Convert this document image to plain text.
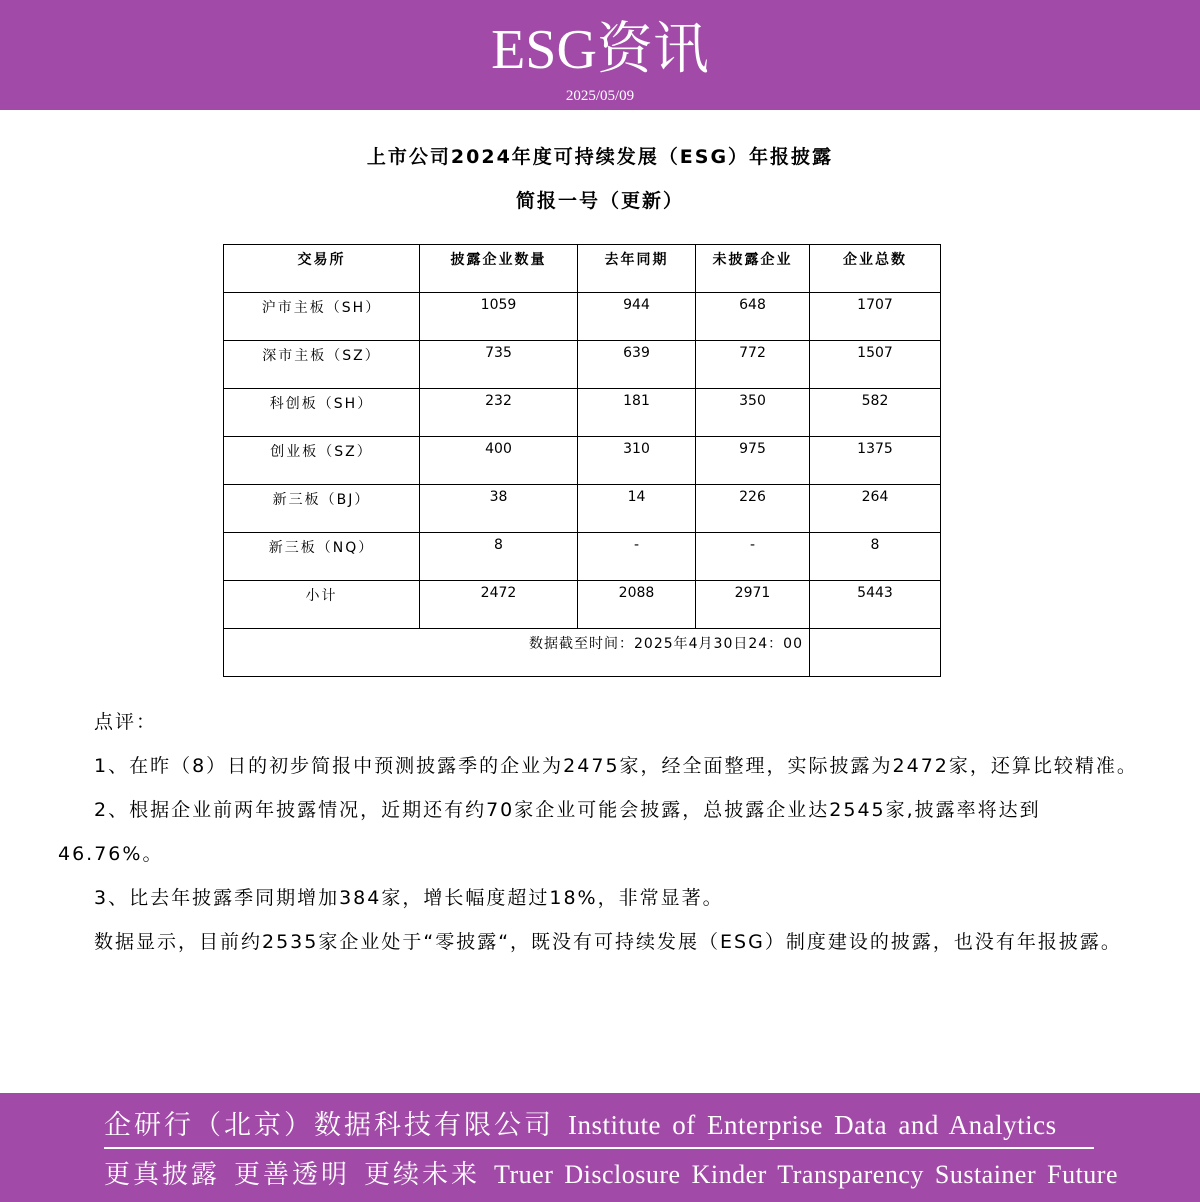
ESG资讯
2025/05/09
上市公司2024年度可持续发展（ESG）年报披露
简报一号（更新）
交易所	披露企业数量	去年同期	未披露企业	企业总数
沪市主板（SH）	1059	944	648	1707
深市主板（SZ）	735	639	772	1507
科创板（SH）	232	181	350	582
创业板（SZ）	400	310	975	1375
新三板（BJ）	38	14	226	264
新三板（NQ）	8	-	-	8
小计	2472	2088	2971	5443
数据截至时间：2025年4月30日24：00				

点评：

1、在昨（8）日的初步简报中预测披露季的企业为2475家，经全面整理，实际披露为2472家，还算比较精准。

2、根据企业前两年披露情况，近期还有约70家企业可能会披露，总披露企业达2545家,披露率将达到46.76%。

3、比去年披露季同期增加384家，增长幅度超过18%，非常显著。

数据显示，目前约2535家企业处于“零披露“，既没有可持续发展（ESG）制度建设的披露，也没有年报披露。

企研行（北京）数据科技有限公司 Institute of Enterprise Data and Analytics
更真披露 更善透明 更续未来 Truer Disclosure Kinder Transparency Sustainer Future
